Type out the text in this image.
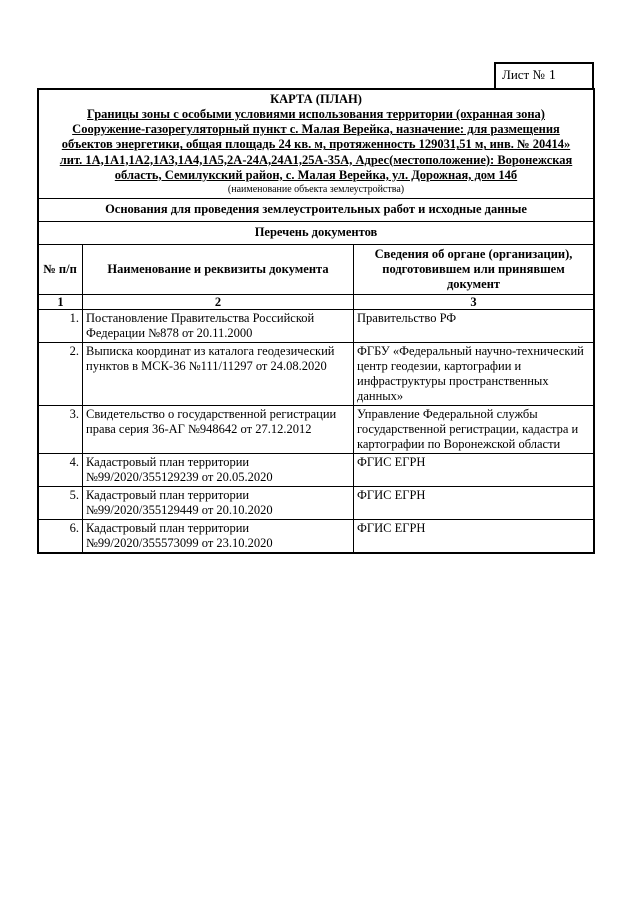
Лист № 1
КАРТА (ПЛАН)
Границы зоны с особыми условиями использования территории (охранная зона)
Сооружение-газорегуляторный пункт с. Малая Верейка, назначение: для размещения
объектов энергетики, общая площадь 24 кв. м, протяженность 129031,51 м, инв. № 20414»
лит. 1А,1А1,1А2,1А3,1А4,1А5,2А-24А,24А1,25А-35А, Адрес(местоположение): Воронежская
область, Семилукский район, с. Малая Верейка, ул. Дорожная, дом 14б
(наименование объекта землеустройства)
Основания для проведения землеустроительных работ и исходные данные
Перечень документов
№ п/п	Наименование и реквизиты документа	Сведения об органе (организации), подготовившем или принявшем документ
1	2	3
1.	Постановление Правительства Российской Федерации №878 от 20.11.2000	Правительство РФ
2.	Выписка координат из каталога геодезический пунктов в МСК-36 №111/11297 от 24.08.2020	ФГБУ «Федеральный научно-технический центр геодезии, картографии и инфраструктуры пространственных данных»
3.	Свидетельство о государственной регистрации права серия 36-АГ №948642 от 27.12.2012	Управление Федеральной службы государственной регистрации, кадастра и картографии по Воронежской области
4.	Кадастровый план территории №99/2020/355129239 от 20.05.2020	ФГИС ЕГРН
5.	Кадастровый план территории №99/2020/355129449 от 20.10.2020	ФГИС ЕГРН
6.	Кадастровый план территории №99/2020/355573099 от 23.10.2020	ФГИС ЕГРН
